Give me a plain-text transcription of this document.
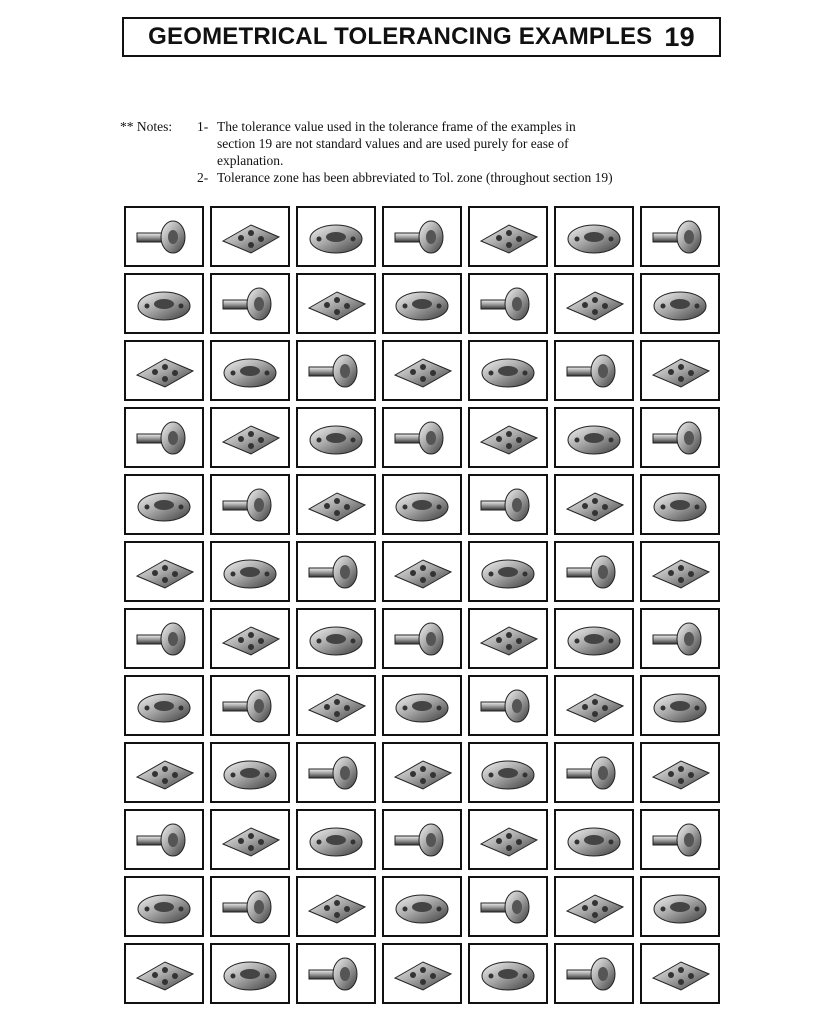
GEOMETRICAL TOLERANCING EXAMPLES 19
** Notes:	1- The tolerance value used in the tolerance frame of the examples in
section 19 are not standard values and are used purely for ease of
explanation.
2- Tolerance zone has been abbreviated to Tol. zone (throughout section 19)
